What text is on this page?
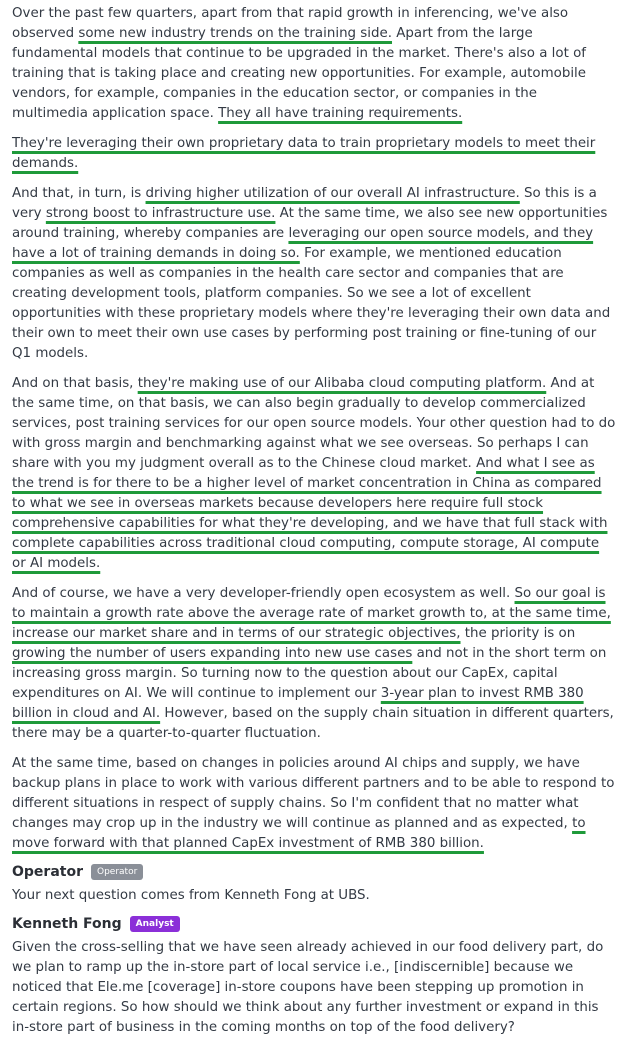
Over the past few quarters, apart from that rapid growth in inferencing, we've also observed some new industry trends on the training side. Apart from the large fundamental models that continue to be upgraded in the market. There's also a lot of training that is taking place and creating new opportunities. For example, automobile vendors, for example, companies in the education sector, or companies in the multimedia application space. They all have training requirements.

They're leveraging their own proprietary data to train proprietary models to meet their demands.

And that, in turn, is driving higher utilization of our overall AI infrastructure. So this is a very strong boost to infrastructure use. At the same time, we also see new opportunities around training, whereby companies are leveraging our open source models, and they have a lot of training demands in doing so. For example, we mentioned education companies as well as companies in the health care sector and companies that are creating development tools, platform companies. So we see a lot of excellent opportunities with these proprietary models where they're leveraging their own data and their own to meet their own use cases by performing post training or fine-tuning of our Q1 models.

And on that basis, they're making use of our Alibaba cloud computing platform. And at the same time, on that basis, we can also begin gradually to develop commercialized services, post training services for our open source models. Your other question had to do with gross margin and benchmarking against what we see overseas. So perhaps I can share with you my judgment overall as to the Chinese cloud market. And what I see as the trend is for there to be a higher level of market concentration in China as compared to what we see in overseas markets because developers here require full stock comprehensive capabilities for what they're developing, and we have that full stack with complete capabilities across traditional cloud computing, compute storage, AI compute or AI models.

And of course, we have a very developer-friendly open ecosystem as well. So our goal is to maintain a growth rate above the average rate of market growth to, at the same time, increase our market share and in terms of our strategic objectives, the priority is on growing the number of users expanding into new use cases and not in the short term on increasing gross margin. So turning now to the question about our CapEx, capital expenditures on AI. We will continue to implement our 3-year plan to invest RMB 380 billion in cloud and AI. However, based on the supply chain situation in different quarters, there may be a quarter-to-quarter fluctuation.

At the same time, based on changes in policies around AI chips and supply, we have backup plans in place to work with various different partners and to be able to respond to different situations in respect of supply chains. So I'm confident that no matter what changes may crop up in the industry we will continue as planned and as expected, to move forward with that planned CapEx investment of RMB 380 billion.

Operator	Operator

Your next question comes from Kenneth Fong at UBS.

Kenneth Fong	Analyst

Given the cross-selling that we have seen already achieved in our food delivery part, do we plan to ramp up the in-store part of local service i.e., [indiscernible] because we noticed that Ele.me [coverage] in-store coupons have been stepping up promotion in certain regions. So how should we think about any further investment or expand in this in-store part of business in the coming months on top of the food delivery?
